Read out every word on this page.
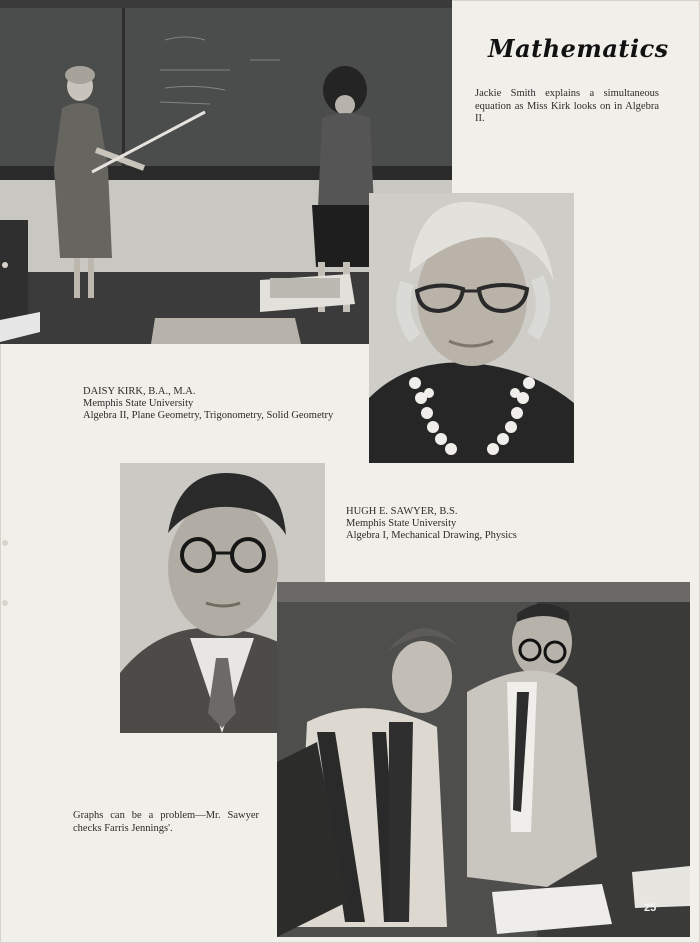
Mathematics
Jackie Smith explains a simultaneous equation as Miss Kirk looks on in Algebra II.
DAISY KIRK, B.A., M.A.
Memphis State University
Algebra II, Plane Geometry, Trigonometry, Solid Geometry
HUGH E. SAWYER, B.S.
Memphis State University
Algebra I, Mechanical Drawing, Physics
Graphs can be a problem—Mr. Sawyer checks Farris Jennings'.
25
